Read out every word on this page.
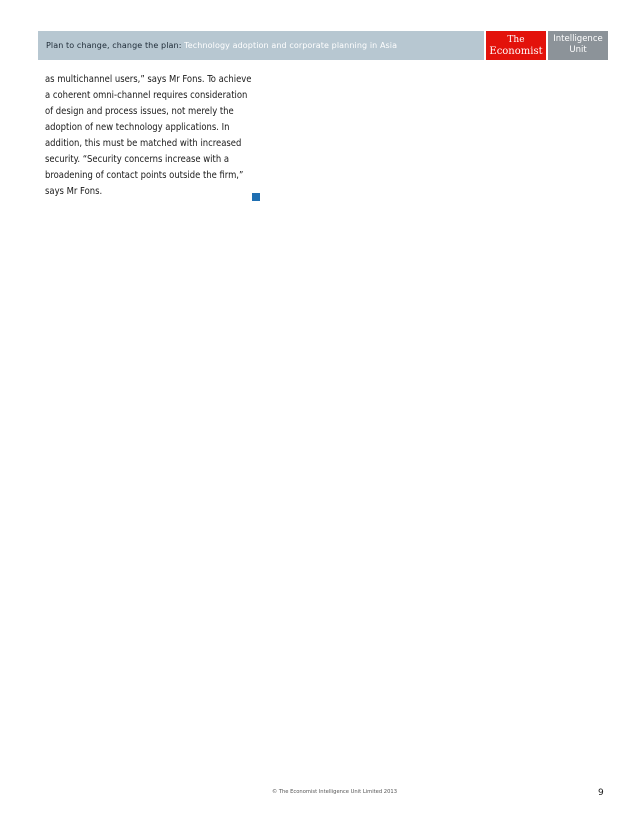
Plan to change, change the plan: Technology adoption and corporate planning in Asia
The
Economist
Intelligence
Unit

as multichannel users,” says Mr Fons. To achieve
a coherent omni-channel requires consideration
of design and process issues, not merely the
adoption of new technology applications. In
addition, this must be matched with increased
security. “Security concerns increase with a
broadening of contact points outside the firm,”
says Mr Fons.

© The Economist Intelligence Unit Limited 2013	9
